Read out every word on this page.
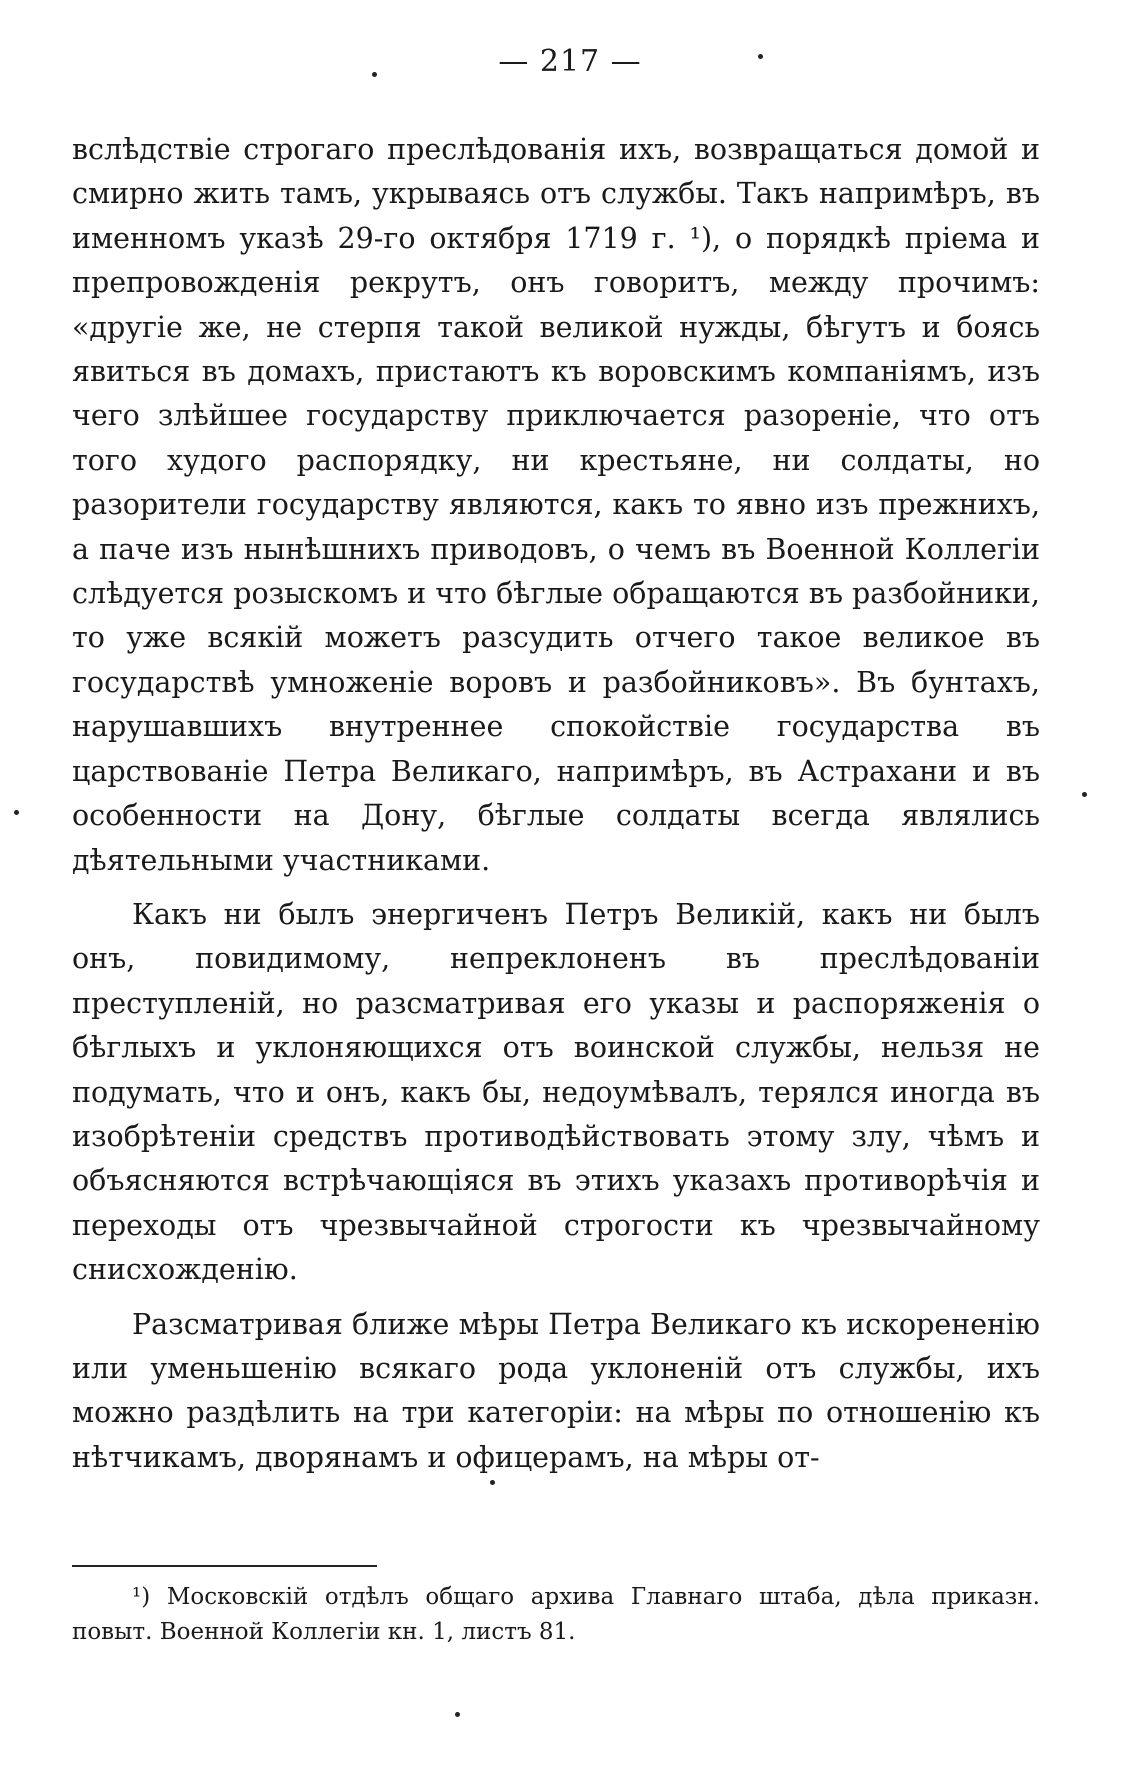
— 217 —

вслѣдствіе строгаго преслѣдованія ихъ, возвращаться домой и смирно жить тамъ, укрываясь отъ службы. Такъ напримѣръ, въ именномъ указѣ 29-го октября 1719 г. ¹), о порядкѣ пріема и препровожденія рекрутъ, онъ говоритъ, между прочимъ: «другіе же, не стерпя такой великой нужды, бѣгутъ и боясь явиться въ домахъ, пристаютъ къ воровскимъ компаніямъ, изъ чего злѣйшее государству приключается разореніе, что отъ того худого распорядку, ни крестьяне, ни солдаты, но разорители государству являются, какъ то явно изъ прежнихъ, а паче изъ нынѣшнихъ приводовъ, о чемъ въ Военной Коллегіи слѣдуется розыскомъ и что бѣглые обращаются въ разбойники, то уже всякій можетъ разсудить отчего такое великое въ государствѣ умноженіе воровъ и разбойниковъ». Въ бунтахъ, нарушавшихъ внутреннее спокойствіе государства въ царствованіе Петра Великаго, напримѣръ, въ Астрахани и въ особенности на Дону, бѣглые солдаты всегда являлись дѣятельными участниками.

Какъ ни былъ энергиченъ Петръ Великій, какъ ни былъ онъ, повидимому, непреклоненъ въ преслѣдованіи преступленій, но разсматривая его указы и распоряженія о бѣглыхъ и уклоняющихся отъ воинской службы, нельзя не подумать, что и онъ, какъ бы, недоумѣвалъ, терялся иногда въ изобрѣтеніи средствъ противодѣйствовать этому злу, чѣмъ и объясняются встрѣчающіяся въ этихъ указахъ противорѣчія и переходы отъ чрезвычайной строгости къ чрезвычайному снисхожденію.

Разсматривая ближе мѣры Петра Великаго къ искорененію или уменьшенію всякаго рода уклоненій отъ службы, ихъ можно раздѣлить на три категоріи: на мѣры по отношенію къ нѣтчикамъ, дворянамъ и офицерамъ, на мѣры от-

¹) Московскій отдѣлъ общаго архива Главнаго штаба, дѣла приказн. повыт. Военной Коллегіи кн. 1, листъ 81.
